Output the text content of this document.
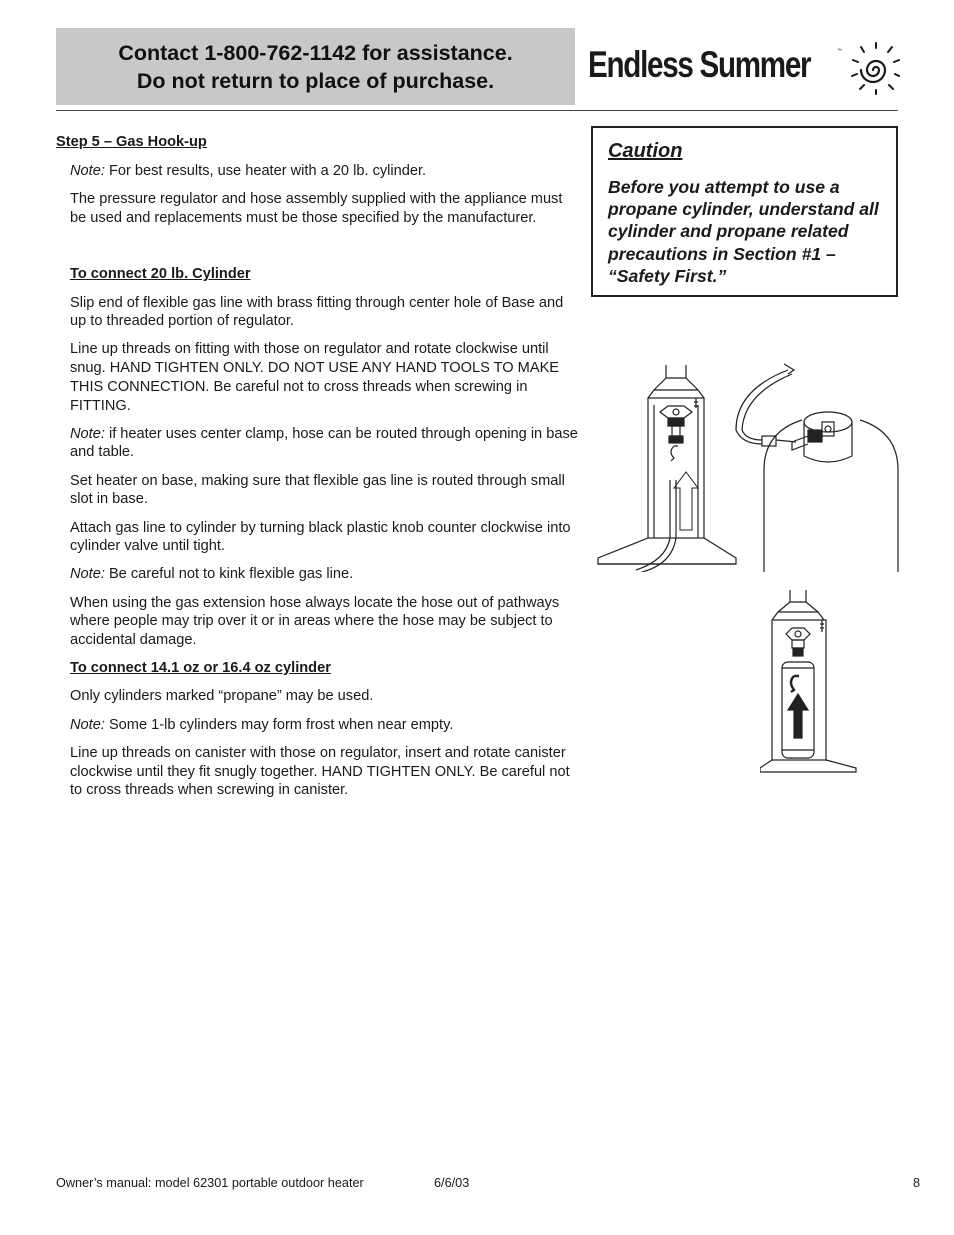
Contact 1-800-762-1142 for assistance.
Do not return to place of purchase.	Endless Summer	™

Step 5 – Gas Hook-up

Note: For best results, use heater with a 20 lb. cylinder.

The pressure regulator and hose assembly supplied with the appliance must be used and replacements must be those specified by the manufacturer.

To connect 20 lb. Cylinder

Slip end of flexible gas line with brass fitting through center hole of Base and up to threaded portion of regulator.

Line up threads on fitting with those on regulator and rotate clockwise until snug. HAND TIGHTEN ONLY. DO NOT USE ANY HAND TOOLS TO MAKE THIS CONNECTION. Be careful not to cross threads when screwing in FITTING.

Note: if heater uses center clamp, hose can be routed through opening in base and table.

Set heater on base, making sure that flexible gas line is routed through small slot in base.

Attach gas line to cylinder by turning black plastic knob counter clockwise into cylinder valve until tight.

Note: Be careful not to kink flexible gas line.

When using the gas extension hose always locate the hose out of pathways where people may trip over it or in areas where the hose may be subject to accidental damage.

To connect 14.1 oz or 16.4 oz cylinder

Only cylinders marked “propane” may be used.

Note: Some 1-lb cylinders may form frost when near empty.

Line up threads on canister with those on regulator, insert and rotate canister clockwise until they fit snugly together. HAND TIGHTEN ONLY. Be careful not to cross threads when screwing in canister.

Caution
Before you attempt to use a propane cylinder, understand all cylinder and propane related precautions in Section #1 – “Safety First.”
Owner’s manual: model 62301 portable outdoor heater	6/6/03	8
